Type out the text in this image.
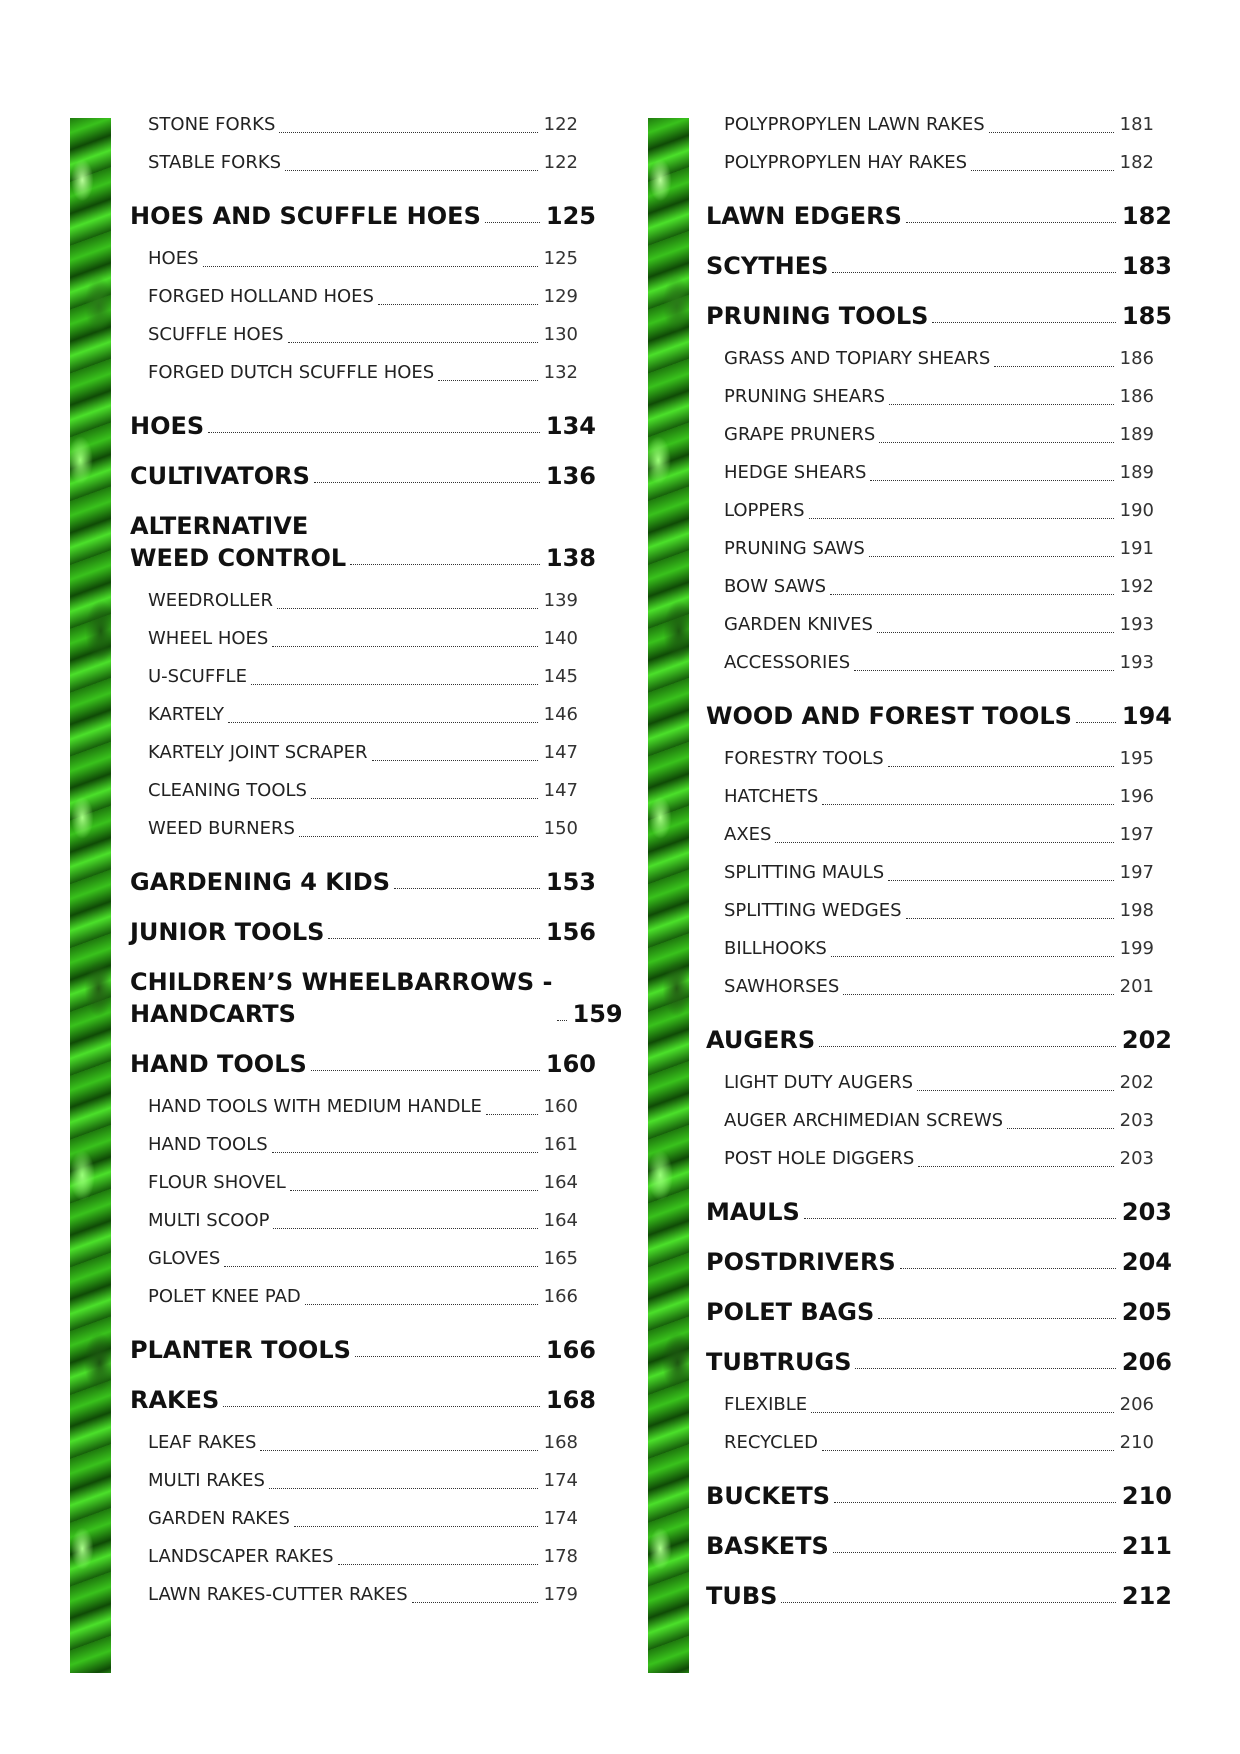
STONE FORKS	122
STABLE FORKS	122
HOES AND SCUFFLE HOES	125
HOES	125
FORGED HOLLAND HOES	129
SCUFFLE HOES	130
FORGED DUTCH SCUFFLE HOES	132
HOES	134
CULTIVATORS	136
ALTERNATIVE
WEED CONTROL	138
WEEDROLLER	139
WHEEL HOES	140
U-SCUFFLE	145
KARTELY	146
KARTELY JOINT SCRAPER	147
CLEANING TOOLS	147
WEED BURNERS	150
GARDENING 4 KIDS	153
JUNIOR TOOLS	156
CHILDREN’S WHEELBARROWS -
HANDCARTS	159
HAND TOOLS	160
HAND TOOLS WITH MEDIUM HANDLE	160
HAND TOOLS	161
FLOUR SHOVEL	164
MULTI SCOOP	164
GLOVES	165
POLET KNEE PAD	166
PLANTER TOOLS	166
RAKES	168
LEAF RAKES	168
MULTI RAKES	174
GARDEN RAKES	174
LANDSCAPER RAKES	178
LAWN RAKES-CUTTER RAKES	179
POLYPROPYLEN LAWN RAKES	181
POLYPROPYLEN HAY RAKES	182
LAWN EDGERS	182
SCYTHES	183
PRUNING TOOLS	185
GRASS AND TOPIARY SHEARS	186
PRUNING SHEARS	186
GRAPE PRUNERS	189
HEDGE SHEARS	189
LOPPERS	190
PRUNING SAWS	191
BOW SAWS	192
GARDEN KNIVES	193
ACCESSORIES	193
WOOD AND FOREST TOOLS 194
FORESTRY TOOLS	195
HATCHETS	196
AXES	197
SPLITTING MAULS	197
SPLITTING WEDGES	198
BILLHOOKS	199
SAWHORSES	201
AUGERS	202
LIGHT DUTY AUGERS	202
AUGER ARCHIMEDIAN SCREWS	203
POST HOLE DIGGERS	203
MAULS	203
POSTDRIVERS	204
POLET BAGS	205
TUBTRUGS	206
FLEXIBLE	206
RECYCLED	210
BUCKETS	210
BASKETS	211
TUBS	212
